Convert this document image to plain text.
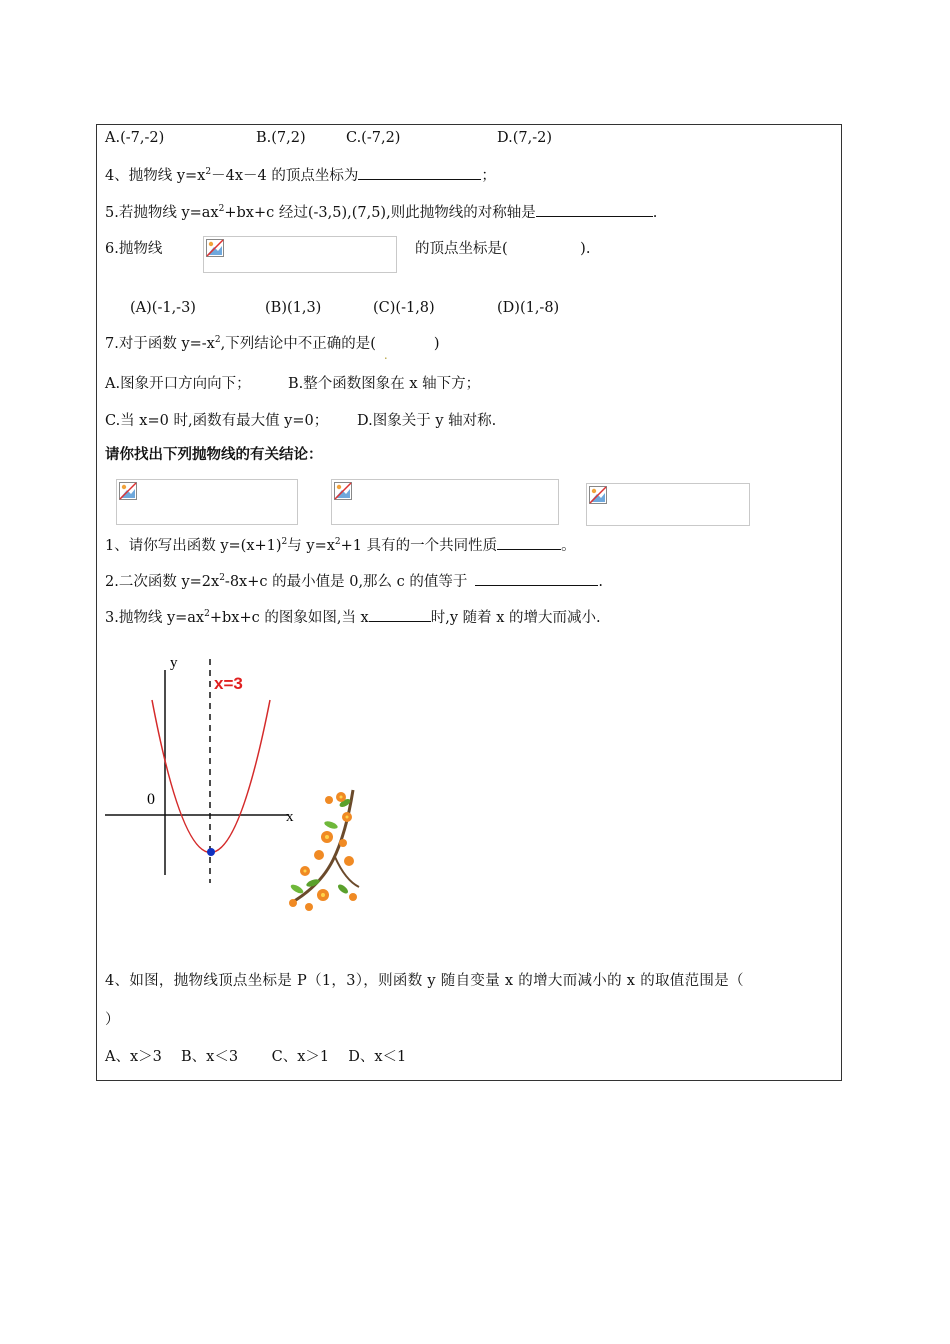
A.(-7,-2)	B.(7,2)	C.(-7,2)	D.(7,-2)
4、抛物线 $y=x^2-4x-4$ 的顶点坐标为	；
5.若抛物线 $y=ax^2+bx+c$ 经过(-3,5),(7,5),则此抛物线的对称轴是	.
6.抛物线	的顶点坐标是(　　　　　).
(A)(-1,-3)	(B)(1,3)	(C)(-1,8)	(D)(1,-8)
7.对于函数 $y=-x^2$,下列结论中不正确的是(
.
)
A.图象开口方向向下；	B.整个函数图象在 x 轴下方；
C.当 x=0 时,函数有最大值 y=0； D.图象关于 y 轴对称.
请你找出下列抛物线的有关结论：
1、请你写出函数 $y=(x+1)^2$与 $y=x^2+1$ 具有的一个共同性质	。
2.二次函数 $y=2x^2-8x+c$ 的最小值是 0,那么 c 的值等于	.
3.抛物线 $y=ax^2+bx+c$ 的图象如图,当 x	时,y 随着 x 的增大而减小.
y
x
0
x=3
4、如图，抛物线顶点坐标是 P（1，3），则函数 y 随自变量 x 的增大而减小的 x 的取值范围是（
）
A、x＞3　 B、x＜3　　 C、x＞1　 D、x＜1
